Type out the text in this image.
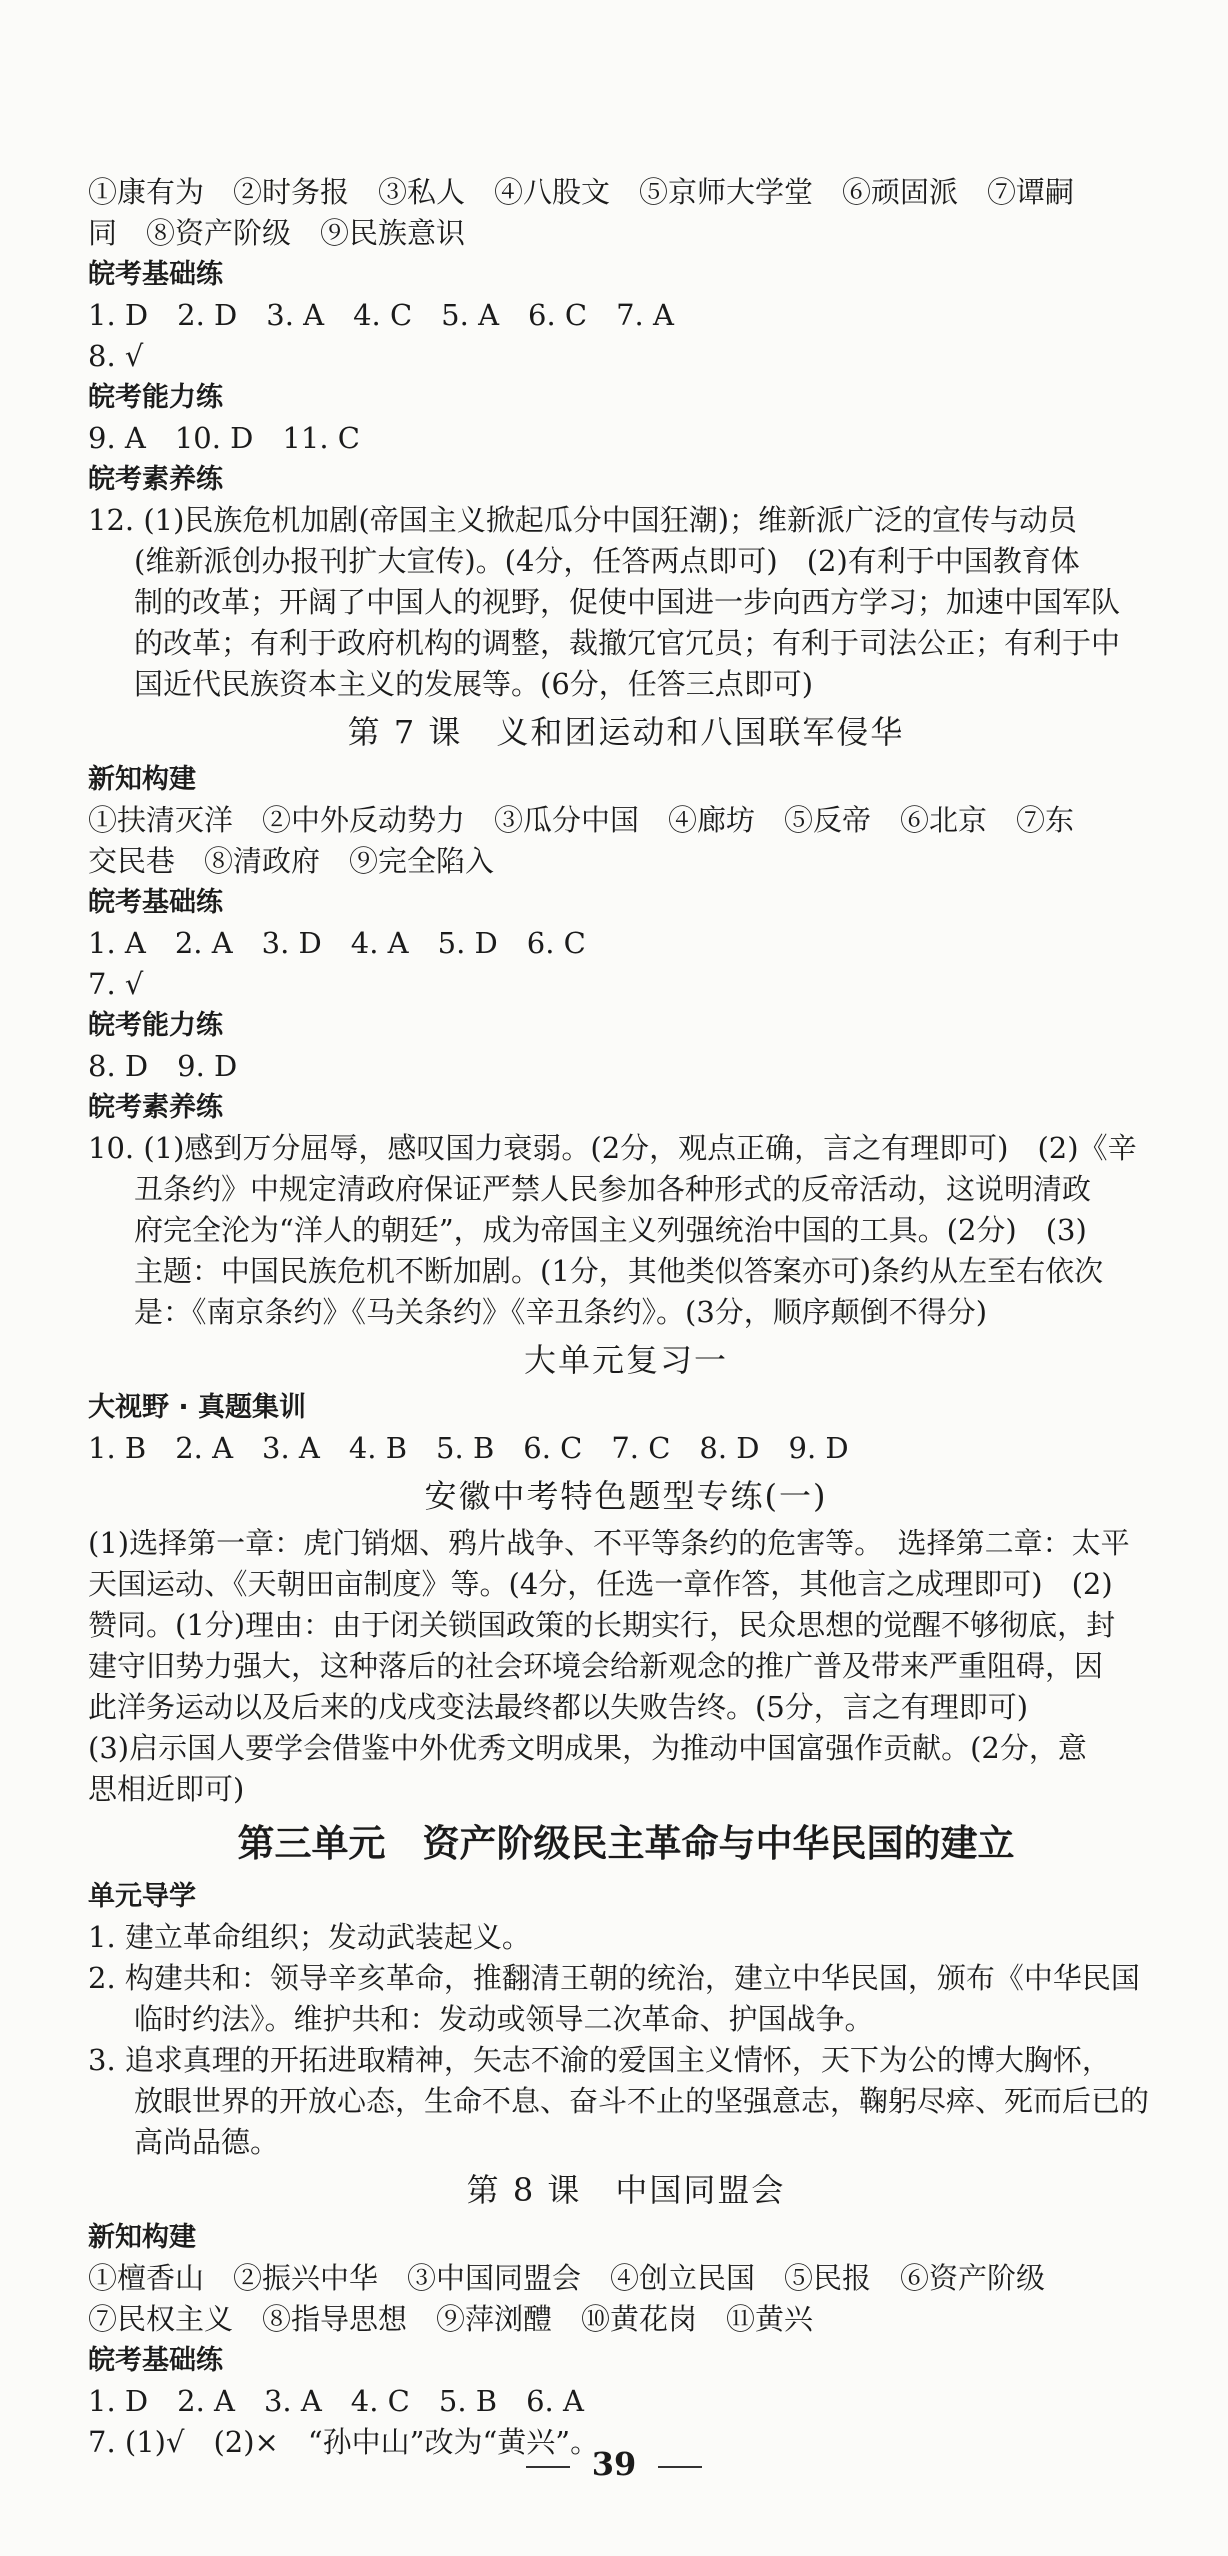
①康有为　②时务报　③私人　④八股文　⑤京师大学堂　⑥顽固派　⑦谭嗣

同　⑧资产阶级　⑨民族意识

皖考基础练

1. D　2. D　3. A　4. C　5. A　6. C　7. A

8. √

皖考能力练

9. A　10. D　11. C

皖考素养练

12. (1)民族危机加剧(帝国主义掀起瓜分中国狂潮)；维新派广泛的宣传与动员

(维新派创办报刊扩大宣传)。(4分，任答两点即可)　(2)有利于中国教育体

制的改革；开阔了中国人的视野，促使中国进一步向西方学习；加速中国军队

的改革；有利于政府机构的调整，裁撤冗官冗员；有利于司法公正；有利于中

国近代民族资本主义的发展等。(6分，任答三点即可)

第 7 课　义和团运动和八国联军侵华

新知构建

①扶清灭洋　②中外反动势力　③瓜分中国　④廊坊　⑤反帝　⑥北京　⑦东

交民巷　⑧清政府　⑨完全陷入

皖考基础练

1. A　2. A　3. D　4. A　5. D　6. C

7. √

皖考能力练

8. D　9. D

皖考素养练

10. (1)感到万分屈辱，感叹国力衰弱。(2分，观点正确，言之有理即可)　(2)《辛

丑条约》中规定清政府保证严禁人民参加各种形式的反帝活动，这说明清政

府完全沦为“洋人的朝廷”，成为帝国主义列强统治中国的工具。(2分)　(3)

主题：中国民族危机不断加剧。(1分，其他类似答案亦可)条约从左至右依次

是：《南京条约》《马关条约》《辛丑条约》。(3分，顺序颠倒不得分)

大单元复习一

大视野 · 真题集训

1. B　2. A　3. A　4. B　5. B　6. C　7. C　8. D　9. D

安徽中考特色题型专练(一)

(1)选择第一章：虎门销烟、鸦片战争、不平等条约的危害等。　选择第二章：太平

天国运动、《天朝田亩制度》等。(4分，任选一章作答，其他言之成理即可)　(2)

赞同。(1分)理由：由于闭关锁国政策的长期实行，民众思想的觉醒不够彻底，封

建守旧势力强大，这种落后的社会环境会给新观念的推广普及带来严重阻碍，因

此洋务运动以及后来的戊戌变法最终都以失败告终。(5分，言之有理即可)

(3)启示国人要学会借鉴中外优秀文明成果，为推动中国富强作贡献。(2分，意

思相近即可)

第三单元　资产阶级民主革命与中华民国的建立

单元导学

1. 建立革命组织；发动武装起义。

2. 构建共和：领导辛亥革命，推翻清王朝的统治，建立中华民国，颁布《中华民国

临时约法》。维护共和：发动或领导二次革命、护国战争。

3. 追求真理的开拓进取精神，矢志不渝的爱国主义情怀，天下为公的博大胸怀，

放眼世界的开放心态，生命不息、奋斗不止的坚强意志，鞠躬尽瘁、死而后已的

高尚品德。

第 8 课　中国同盟会

新知构建

①檀香山　②振兴中华　③中国同盟会　④创立民国　⑤民报　⑥资产阶级

⑦民权主义　⑧指导思想　⑨萍浏醴　⑩黄花岗　⑪黄兴

皖考基础练

1. D　2. A　3. A　4. C　5. B　6. A

7. (1)√　(2)×　“孙中山”改为“黄兴”。

39
